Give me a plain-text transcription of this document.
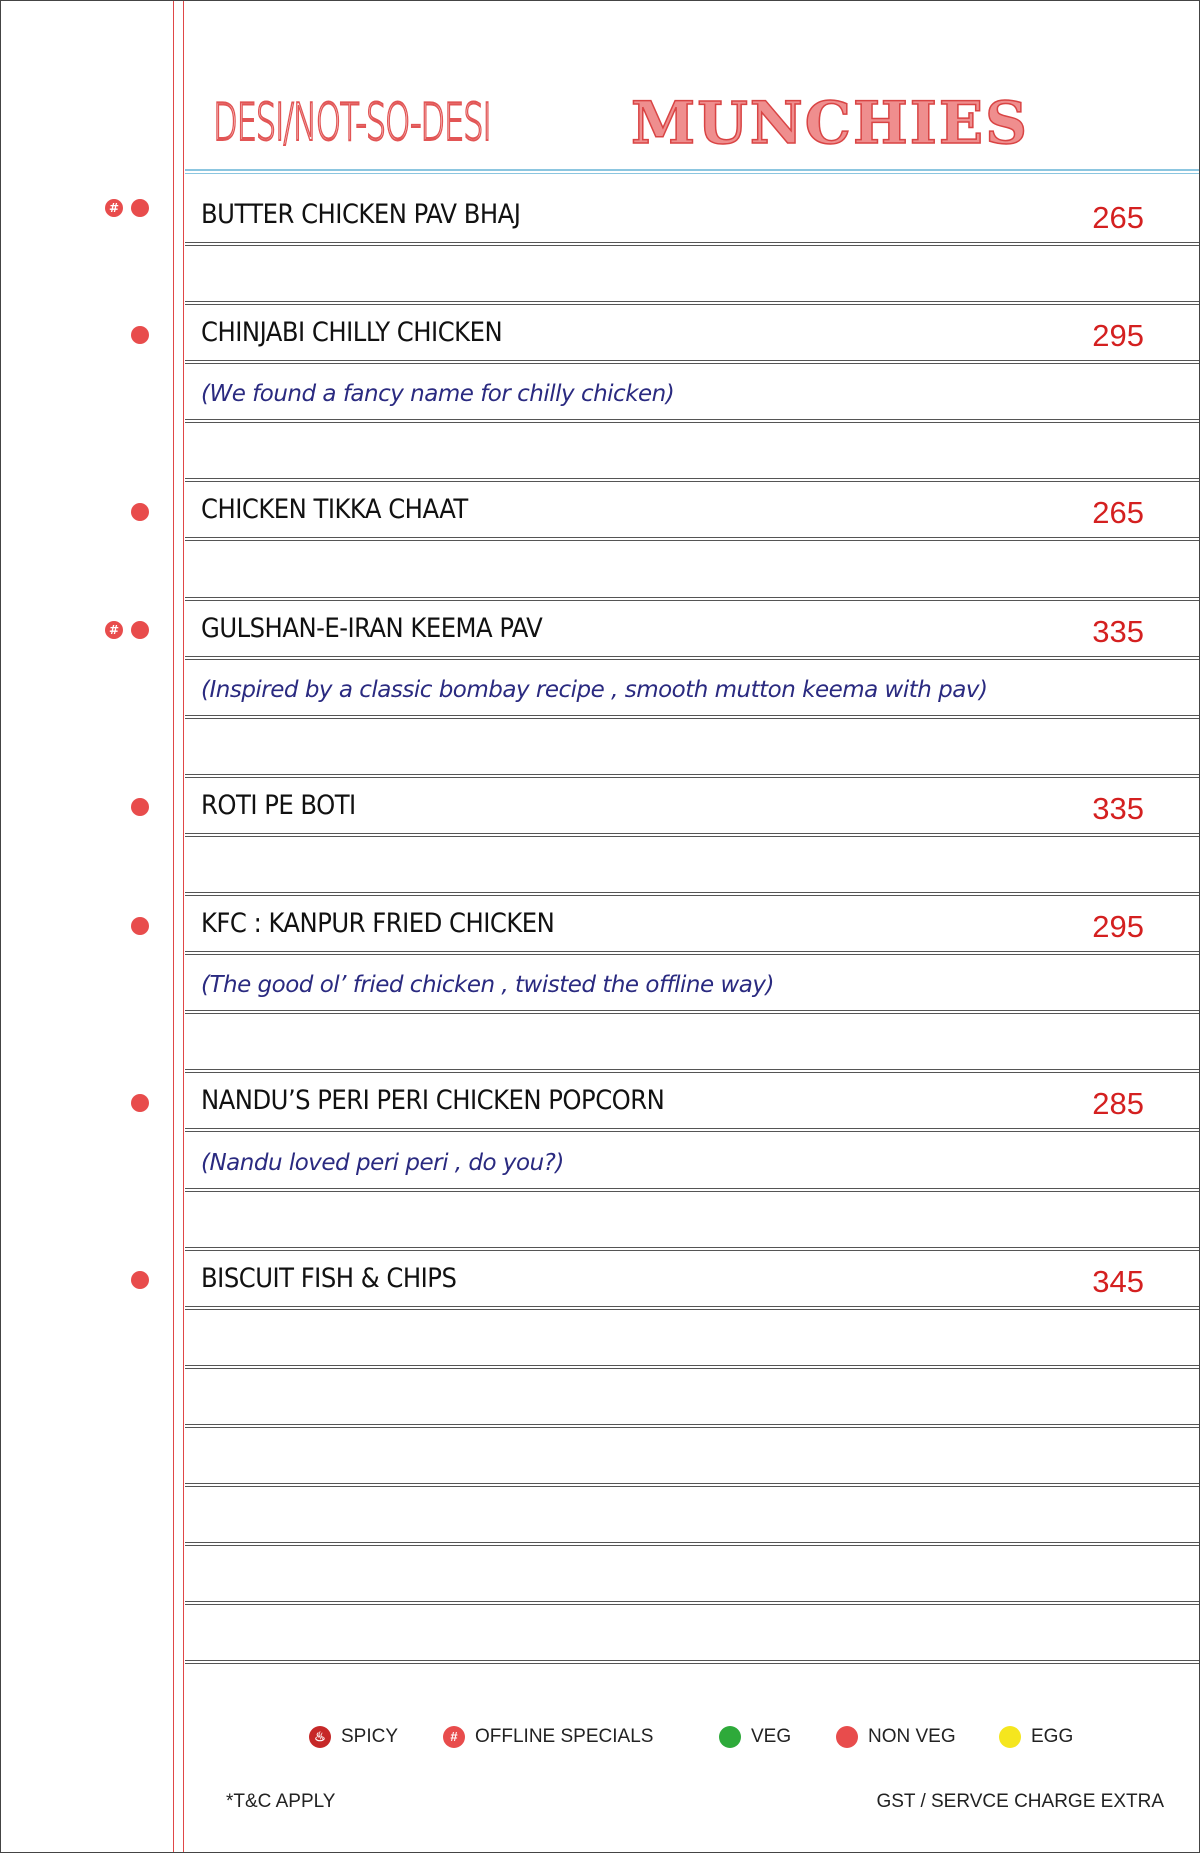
DESI/NOT-SO-DESI MUNCHIES
BUTTER CHICKEN PAV BHAJ	265
CHINJABI CHILLY CHICKEN	295
(We found a fancy name for chilly chicken)
CHICKEN TIKKA CHAAT	265
GULSHAN-E-IRAN KEEMA PAV	335
(Inspired by a classic bombay recipe , smooth mutton keema with pav)
ROTI PE BOTI	335
KFC : KANPUR FRIED CHICKEN	295
(The good ol’ fried chicken , twisted the offline way)
NANDU’S PERI PERI CHICKEN POPCORN	285
(Nandu loved peri peri , do you?)
BISCUIT FISH & CHIPS	345
#
#
♨ SPICY	# OFFLINE SPECIALS	VEG	NON VEG	EGG
*T&C APPLY	GST / SERVCE CHARGE EXTRA
